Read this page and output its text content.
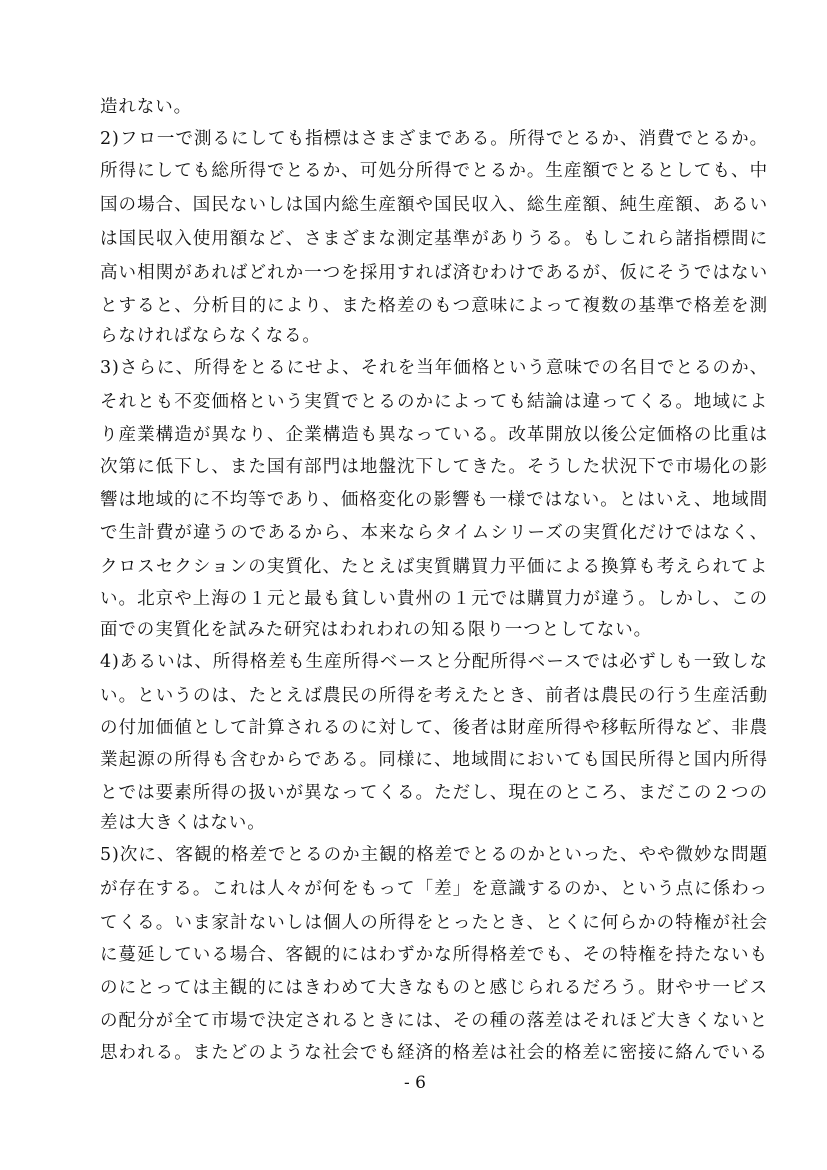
造れない。
2)フロ一で測るにしても指標はさまざまである。所得でとるか、消費でとるか。
所得にしても総所得でとるか、可処分所得でとるか。生産額でとるとしても、中
国の場合、国民ないしは国内総生産額や国民収入、総生産額、純生産額、あるい
は国民収入使用額など、さまざまな測定基準がありうる。もしこれら諸指標間に
高い相関があればどれか一つを採用すれば済むわけであるが、仮にそうではない
とすると、分析目的により、また格差のもつ意味によって複数の基準で格差を測
らなければならなくなる。
3)さらに、所得をとるにせよ、それを当年価格という意味での名目でとるのか、
それとも不変価格という実質でとるのかによっても結論は違ってくる。地域によ
り産業構造が異なり、企業構造も異なっている。改革開放以後公定価格の比重は
次第に低下し、また国有部門は地盤沈下してきた。そうした状況下で市場化の影
響は地域的に不均等であり、価格変化の影響も一様ではない。とはいえ、地域間
で生計費が違うのであるから、本来ならタイムシリーズの実質化だけではなく、
クロスセクションの実質化、たとえば実質購買力平価による換算も考えられてよ
い。北京や上海の１元と最も貧しい貴州の１元では購買力が違う。しかし、この
面での実質化を試みた研究はわれわれの知る限り一つとしてない。
4)あるいは、所得格差も生産所得ベースと分配所得ベースでは必ずしも一致しな
い。というのは、たとえば農民の所得を考えたとき、前者は農民の行う生産活動
の付加価値として計算されるのに対して、後者は財産所得や移転所得など、非農
業起源の所得も含むからである。同様に、地域間においても国民所得と国内所得
とでは要素所得の扱いが異なってくる。ただし、現在のところ、まだこの２つの
差は大きくはない。
5)次に、客観的格差でとるのか主観的格差でとるのかといった、やや微妙な問題
が存在する。これは人々が何をもって「差」を意識するのか、という点に係わっ
てくる。いま家計ないしは個人の所得をとったとき、とくに何らかの特権が社会
に蔓延している場合、客観的にはわずかな所得格差でも、その特権を持たないも
のにとっては主観的にはきわめて大きなものと感じられるだろう。財やサ一ビス
の配分が全て市場で決定されるときには、その種の落差はそれほど大きくないと
思われる。またどのような社会でも経済的格差は社会的格差に密接に絡んでいる
- 6
